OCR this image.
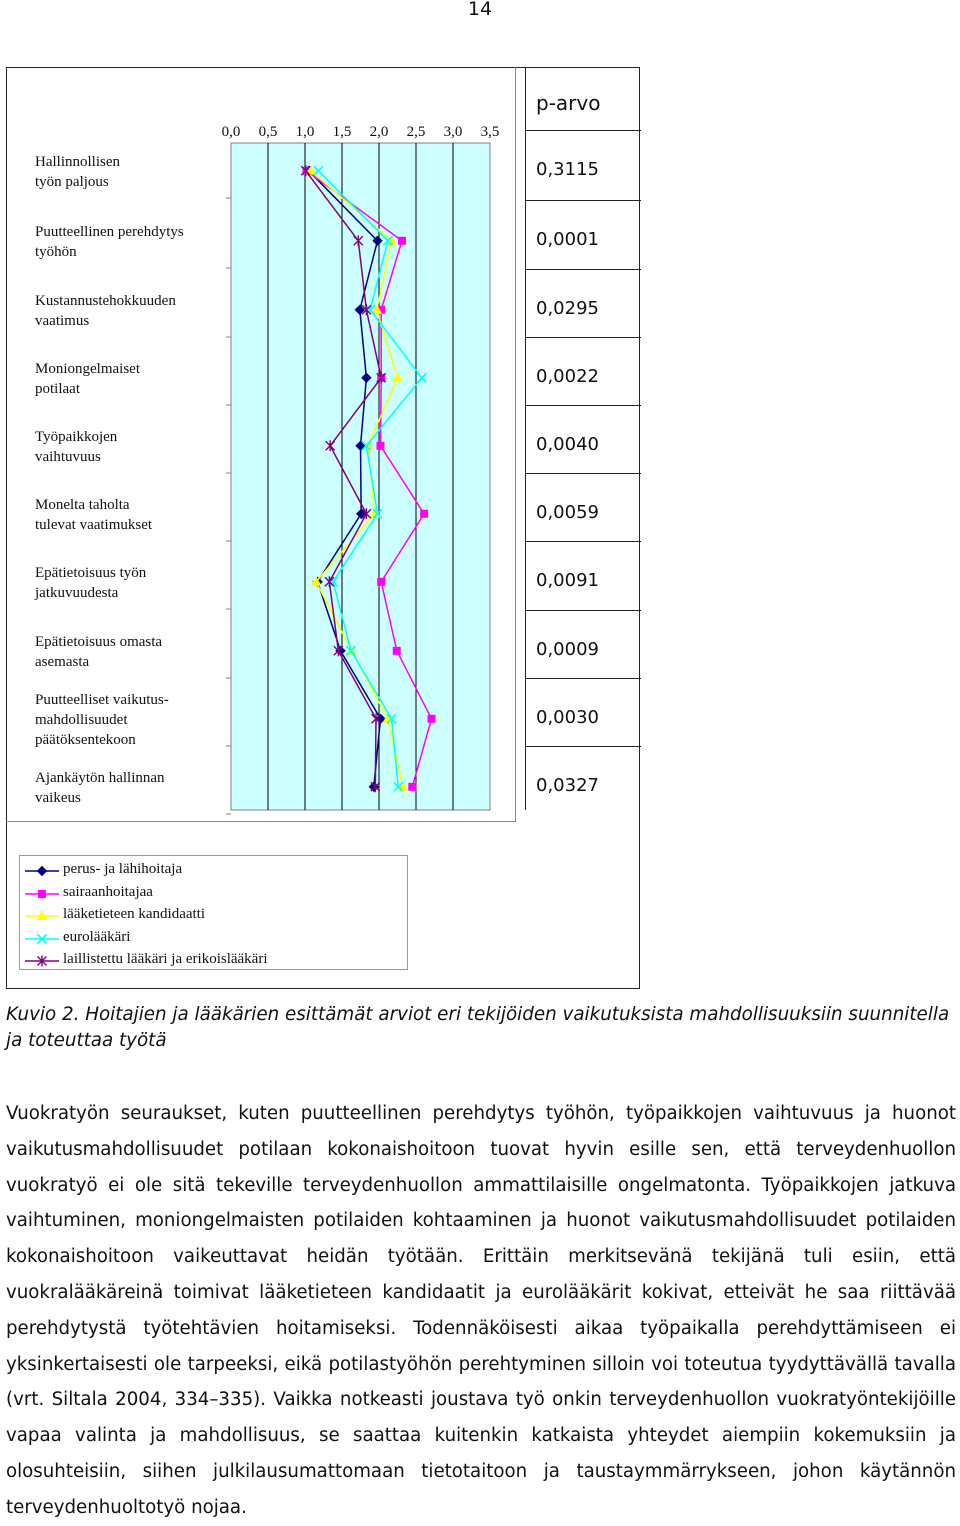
14
0,0 0,5 1,0 1,5 2,0 2,5 3,0 3,5
Hallinnollisen työn paljous
Puutteellinen perehdytys työhön
Kustannustehokkuuden vaatimus
Moniongelmaiset potilaat
Työpaikkojen vaihtuvuus
Monelta taholta tulevat vaatimukset
Epätietoisuus työn jatkuvuudesta
Epätietoisuus omasta asemasta
Puutteelliset vaikutus-mahdollisuudet päätöksentekoon
Ajankäytön hallinnan vaikeus
p-arvo
0,3115
0,0001
0,0295
0,0022
0,0040
0,0059
0,0091
0,0009
0,0030
0,0327
perus- ja lähihoitaja
sairaanhoitajaa
lääketieteen kandidaatti
eurolääkäri
laillistettu lääkäri ja erikoislääkäri
Kuvio 2. Hoitajien ja lääkärien esittämät arviot eri tekijöiden vaikutuksista mahdollisuuksiin suunnitella ja toteuttaa työtä
Vuokratyön seuraukset, kuten puutteellinen perehdytys työhön, työpaikkojen vaihtuvuus ja huonot vaikutusmahdollisuudet potilaan kokonaishoitoon tuovat hyvin esille sen, että terveydenhuollon vuokratyö ei ole sitä tekeville terveydenhuollon ammattilaisille ongelmatonta. Työpaikkojen jatkuva vaihtuminen, moniongelmaisten potilaiden kohtaaminen ja huonot vaikutusmahdollisuudet potilaiden kokonaishoitoon vaikeuttavat heidän työtään. Erittäin merkitsevänä tekijänä tuli esiin, että vuokralääkäreinä toimivat lääketieteen kandidaatit ja eurolääkärit kokivat, etteivät he saa riittävää perehdytystä työtehtävien hoitamiseksi. Todennäköisesti aikaa työpaikalla perehdyttämiseen ei yksinkertaisesti ole tarpeeksi, eikä potilastyöhön perehtyminen silloin voi toteutua tyydyttävällä tavalla (vrt. Siltala 2004, 334–335). Vaikka notkeasti joustava työ onkin terveydenhuollon vuokratyöntekijöille vapaa valinta ja mahdollisuus, se saattaa kuitenkin katkaista yhteydet aiempiin kokemuksiin ja olosuhteisiin, siihen julkilausumattomaan tietotaitoon ja taustaymmärrykseen, johon käytännön terveydenhuoltotyö nojaa.
